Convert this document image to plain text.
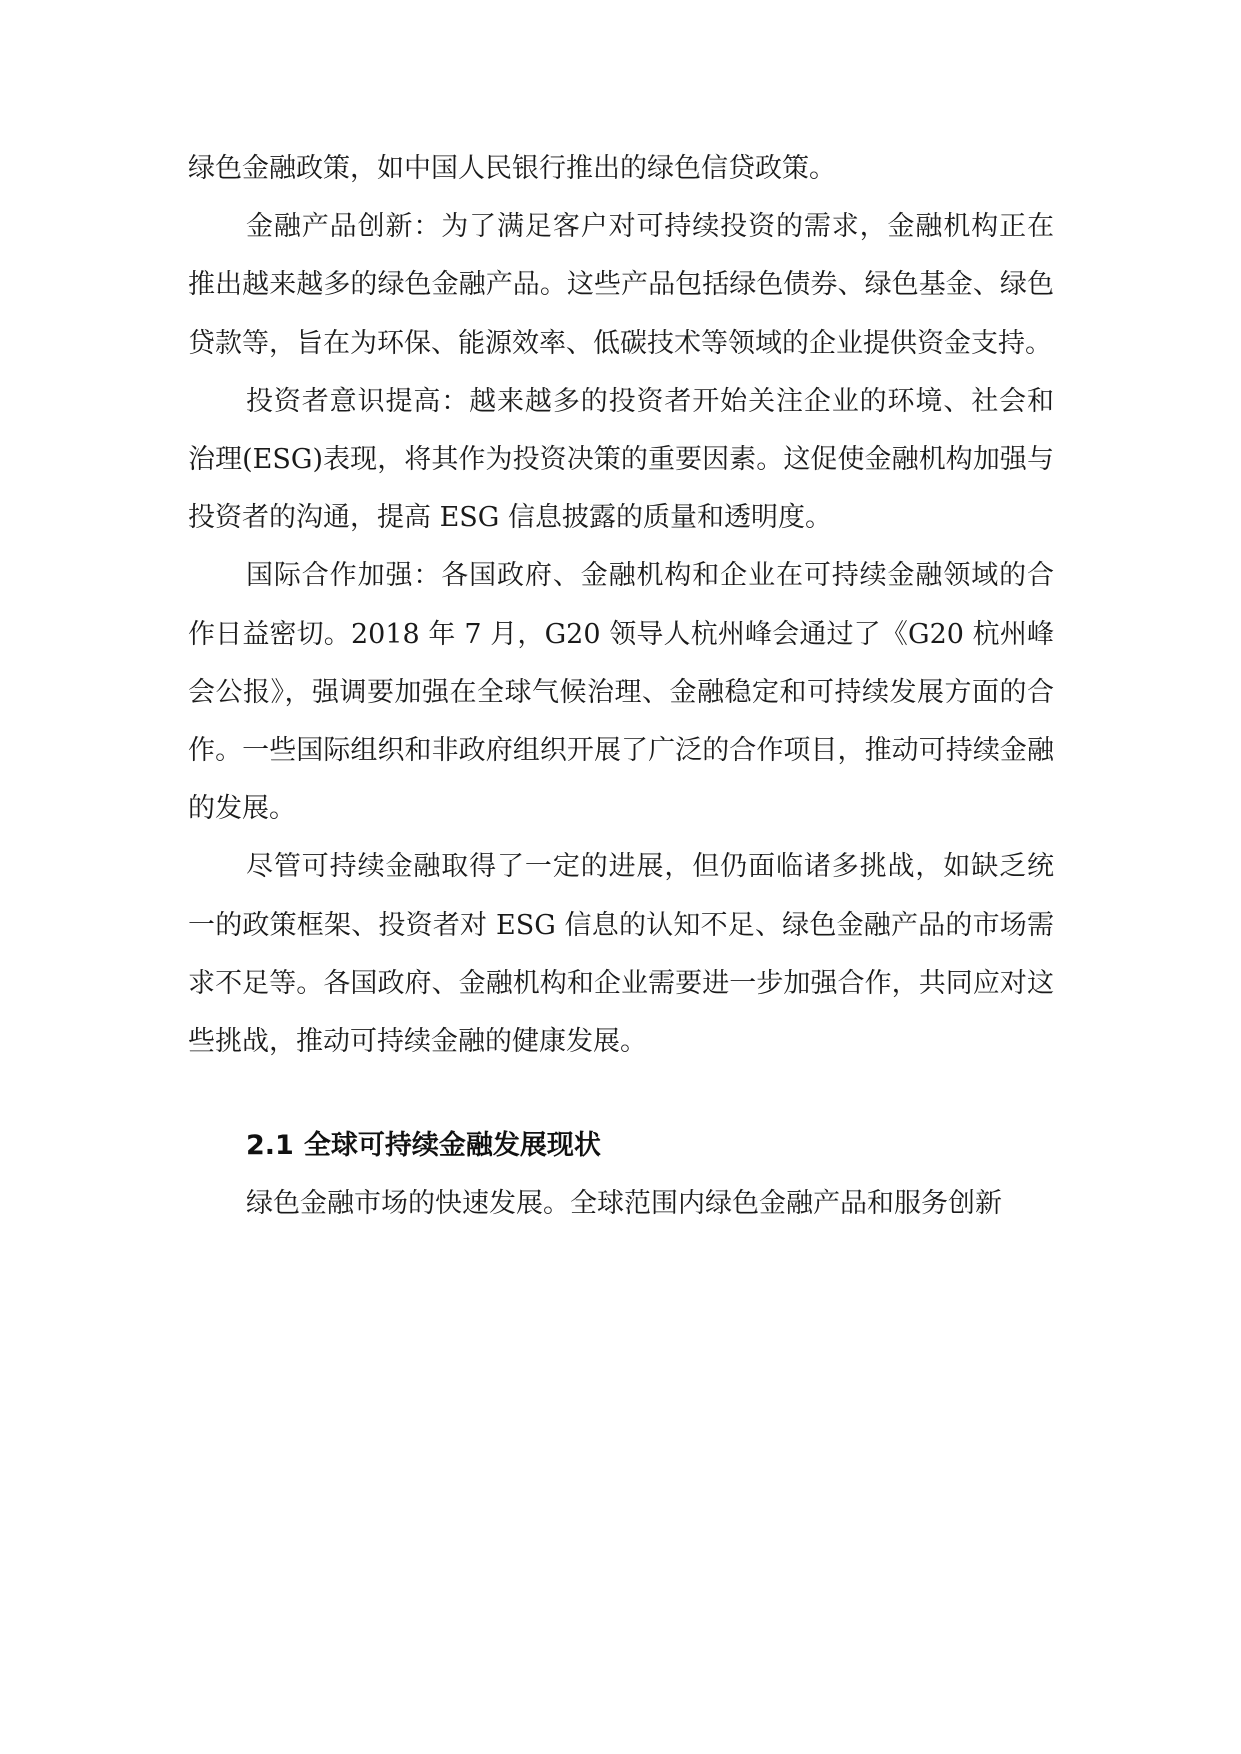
绿色金融政策，如中国人民银行推出的绿色信贷政策。

金融产品创新：为了满足客户对可持续投资的需求，金融机构正在推出越来越多的绿色金融产品。这些产品包括绿色债券、绿色基金、绿色贷款等，旨在为环保、能源效率、低碳技术等领域的企业提供资金支持。

投资者意识提高：越来越多的投资者开始关注企业的环境、社会和治理(ESG)表现，将其作为投资决策的重要因素。这促使金融机构加强与投资者的沟通，提高 ESG 信息披露的质量和透明度。

国际合作加强：各国政府、金融机构和企业在可持续金融领域的合作日益密切。2018 年 7 月，G20 领导人杭州峰会通过了《G20 杭州峰会公报》，强调要加强在全球气候治理、金融稳定和可持续发展方面的合作。一些国际组织和非政府组织开展了广泛的合作项目，推动可持续金融的发展。

尽管可持续金融取得了一定的进展，但仍面临诸多挑战，如缺乏统一的政策框架、投资者对 ESG 信息的认知不足、绿色金融产品的市场需求不足等。各国政府、金融机构和企业需要进一步加强合作，共同应对这些挑战，推动可持续金融的健康发展。

2.1 全球可持续金融发展现状

绿色金融市场的快速发展。全球范围内绿色金融产品和服务创新
